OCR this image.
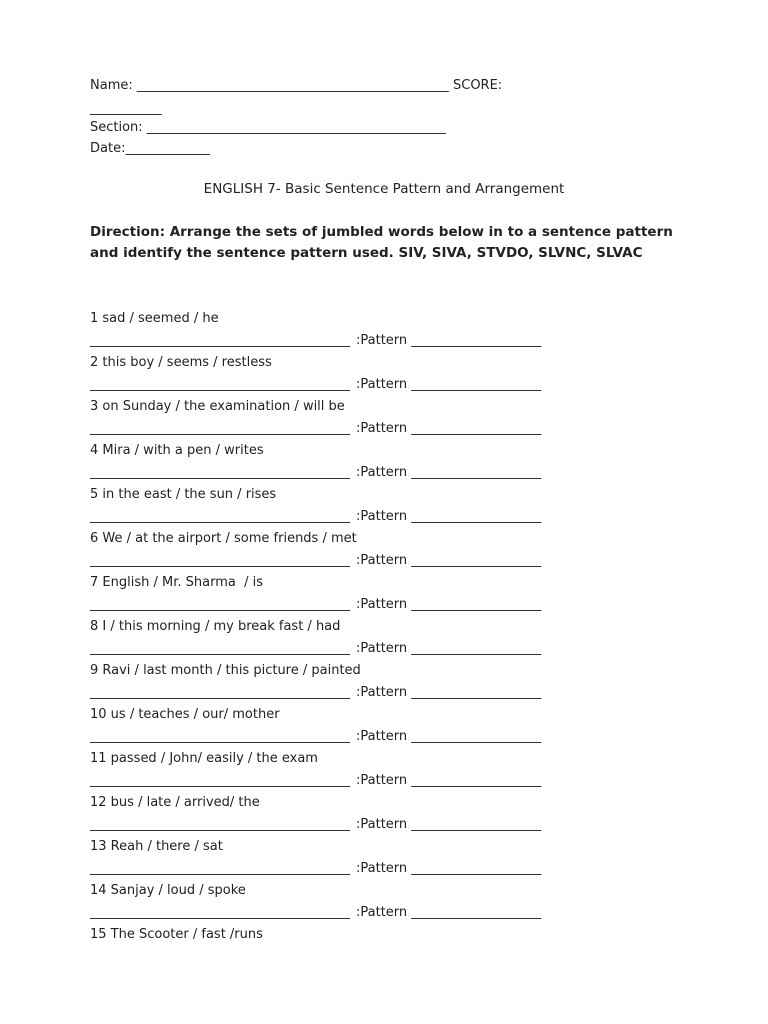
Name: ________________________________________________ SCORE:

___________

Section: ______________________________________________

Date:_____________

ENGLISH 7- Basic Sentence Pattern and Arrangement

Direction: Arrange the sets of jumbled words below in to a sentence pattern and identify the sentence pattern used. SIV, SIVA, STVDO, SLVNC, SLVAC

1 sad / seemed / he

________________________________________ :Pattern ____________________

2 this boy / seems / restless

________________________________________ :Pattern ____________________

3 on Sunday / the examination / will be

________________________________________ :Pattern ____________________

4 Mira / with a pen / writes

________________________________________ :Pattern ____________________

5 in the east / the sun / rises

________________________________________ :Pattern ____________________

6 We / at the airport / some friends / met

________________________________________ :Pattern ____________________

7 English / Mr. Sharma  / is

________________________________________ :Pattern ____________________

8 I / this morning / my break fast / had

________________________________________ :Pattern ____________________

9 Ravi / last month / this picture / painted

________________________________________ :Pattern ____________________

10 us / teaches / our/ mother

________________________________________ :Pattern ____________________

11 passed / John/ easily / the exam

________________________________________ :Pattern ____________________

12 bus / late / arrived/ the

________________________________________ :Pattern ____________________

13 Reah / there / sat

________________________________________ :Pattern ____________________

14 Sanjay / loud / spoke

________________________________________ :Pattern ____________________

15 The Scooter / fast /runs
